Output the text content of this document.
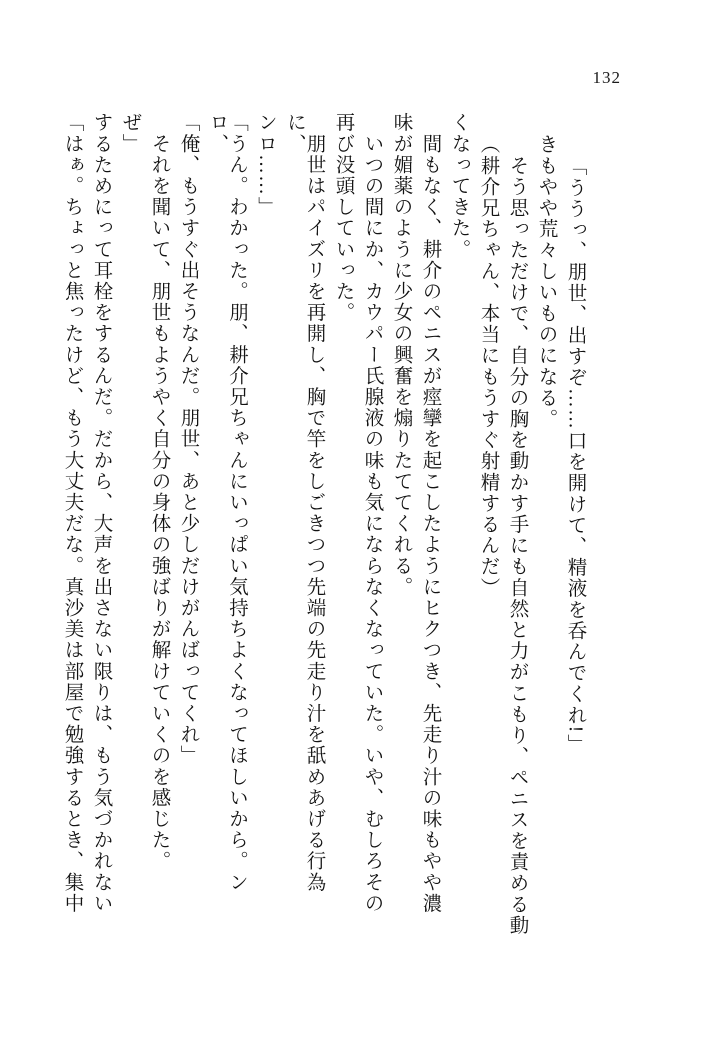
132
「はぁ。ちょっと焦ったけど、もう大丈夫だな。真沙美は部屋で勉強するとき、集中 するためにって耳栓をするんだ。だから、大声を出さない限りは、もう気づかれない ぜ」 　それを聞いて、朋世もようやく自分の身体の強ばりが解けていくのを感じた。 「俺、もうすぐ出そうなんだ。朋世、あと少しだけがんばってくれ」	「うん。わかった。朋、耕介兄ちゃんにいっぱい気持ちよくなってほしいから。ンロ、	ンロ……」	　朋世はパイズリを再開し、胸で竿をしごきつつ先端の先走り汁を舐めあげる行為に、	再び没頭していった。 　いつの間にか、カウパー氏腺液の味も気にならなくなっていた。いや、むしろその 味が媚薬のように少女の興奮を煽りたててくれる。 　間もなく、耕介のペニスが痙攣を起こしたようにヒクつき、先走り汁の味もやや濃 くなってきた。 （耕介兄ちゃん、本当にもうすぐ射精するんだ） 　そう思っただけで、自分の胸を動かす手にも自然と力がこもり、ペニスを責める動 きもやや荒々しいものになる。 「ううっ、朋世、出すぞ……口を開けて、精液を呑んでくれ!」
